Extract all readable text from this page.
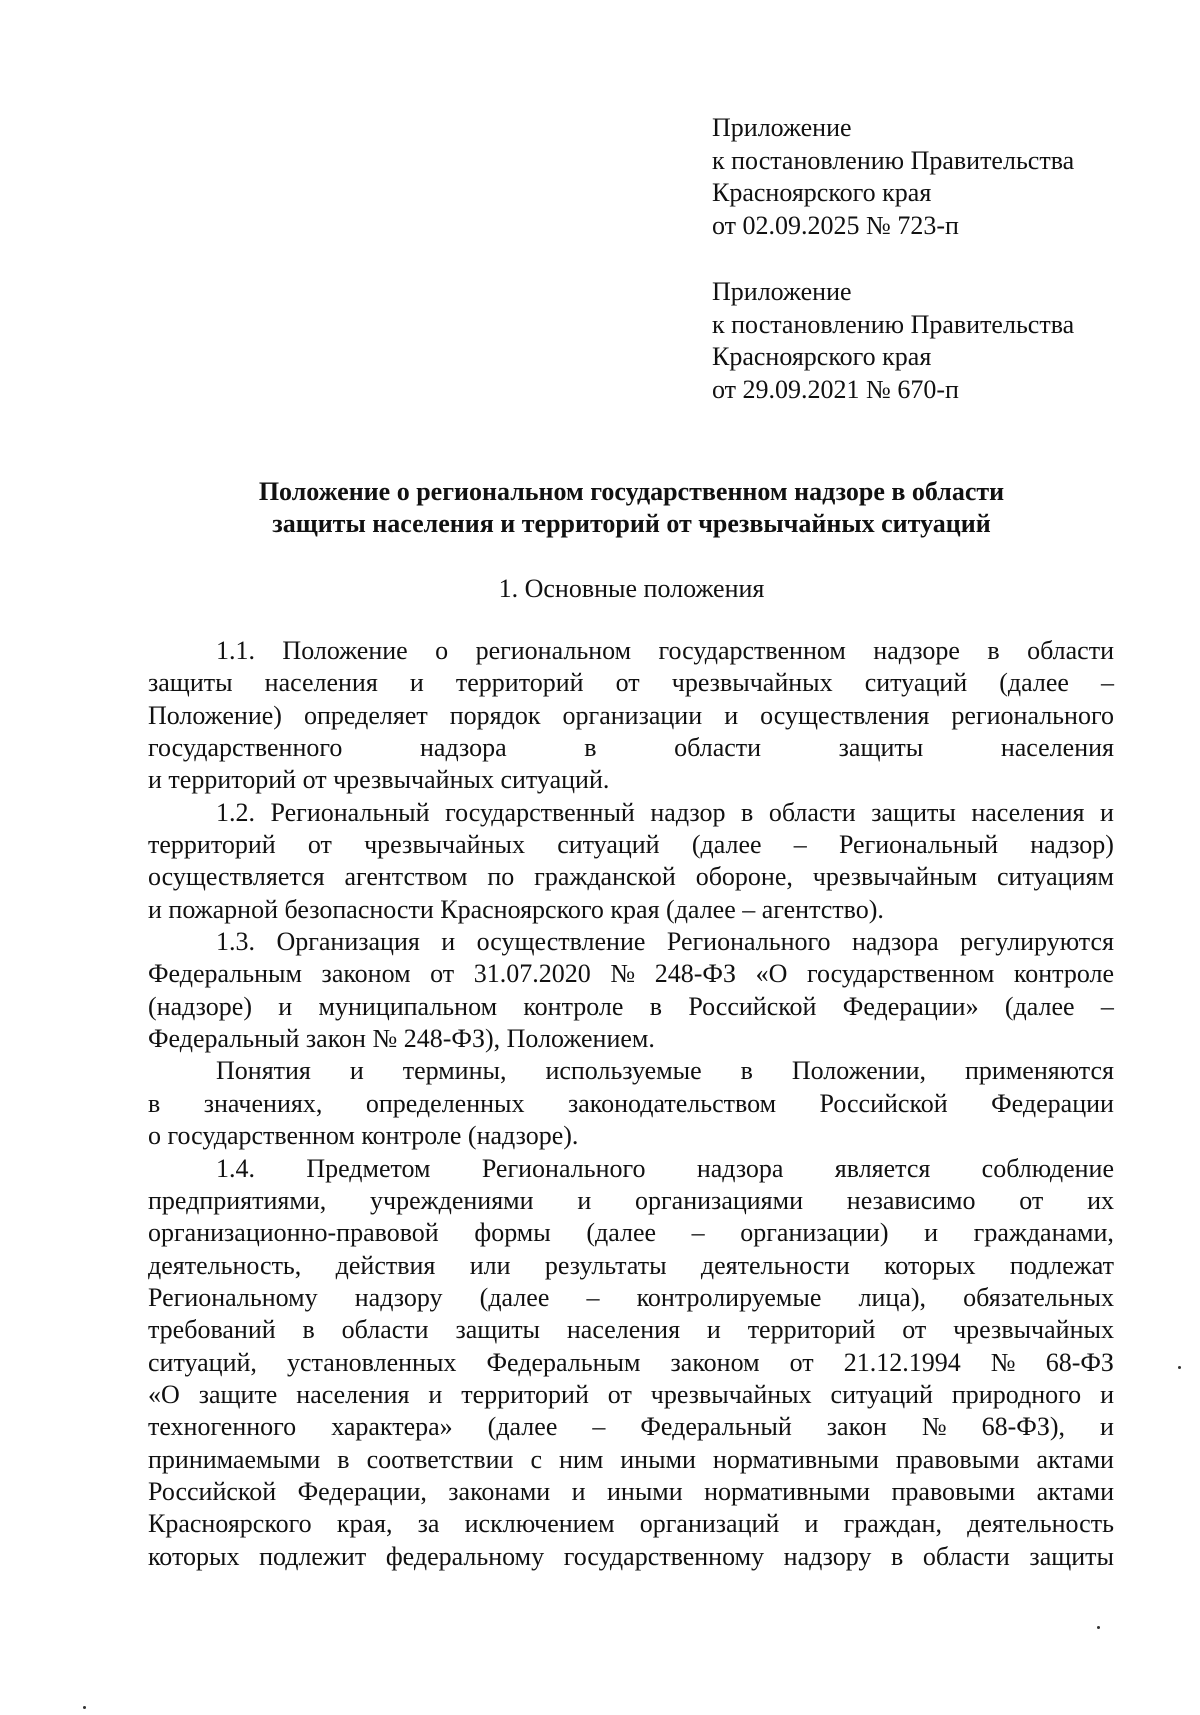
Приложение
к постановлению Правительства
Красноярского края
от 02.09.2025 № 723-п
Приложение
к постановлению Правительства
Красноярского края
от 29.09.2021 № 670-п
Положение о региональном государственном надзоре в области
защиты населения и территорий от чрезвычайных ситуаций
1. Основные положения
1.1. Положение о региональном государственном надзоре в области
защиты населения и территорий от чрезвычайных ситуаций (далее –
Положение) определяет порядок организации и осуществления регионального
государственного	надзора	в	области	защиты	населения
и территорий от чрезвычайных ситуаций.
1.2. Региональный государственный надзор в области защиты населения и
территорий от чрезвычайных ситуаций (далее – Региональный надзор)
осуществляется агентством по гражданской обороне, чрезвычайным ситуациям
и пожарной безопасности Красноярского края (далее – агентство).
1.3. Организация и осуществление Регионального надзора регулируются
Федеральным законом от 31.07.2020 № 248-ФЗ «О государственном контроле
(надзоре) и муниципальном контроле в Российской Федерации» (далее –
Федеральный закон № 248-ФЗ), Положением.
Понятия и термины, используемые в Положении, применяются
в значениях, определенных законодательством Российской Федерации
о государственном контроле (надзоре).
1.4. Предметом Регионального надзора является соблюдение
предприятиями, учреждениями и организациями независимо от их
организационно-правовой формы (далее – организации) и гражданами,
деятельность, действия или результаты деятельности которых подлежат
Региональному надзору (далее – контролируемые лица), обязательных
требований в области защиты населения и территорий от чрезвычайных
ситуаций, установленных Федеральным законом от 21.12.1994 № 68-ФЗ
«О защите населения и территорий от чрезвычайных ситуаций природного и
техногенного характера» (далее – Федеральный закон № 68-ФЗ), и
принимаемыми в соответствии с ним иными нормативными правовыми актами
Российской Федерации, законами и иными нормативными правовыми актами
Красноярского края, за исключением организаций и граждан, деятельность
которых подлежит федеральному государственному надзору в области защиты
